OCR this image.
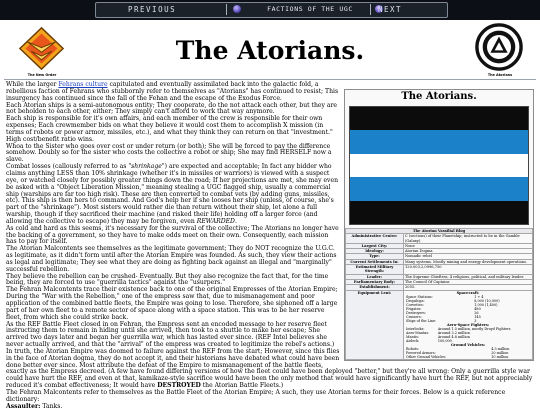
PREVIOUS	FACTIONS OF THE UGC	NEXT
The New Order
The Atorians.
The Atorians
The Atorians.
The Atorian Vassilial Blog
Administrative Center:	C (sections) of their Planetship; instructed to be in the Gamble (Galaxy).
Largest City:	None
Ideology:	Atorian Dogma
Type:	Nomadic rebel
Current Settlements In:	Many systems. Mostly mining and energy development operations.
Estimated Military Strength:	120,003,2,0996,750
Leader:	The Supreme Chieftess, 4 religious, political, and military leader.
Parliamentary Body:	The Council Of Captains
Establishment:	2055.
Equipment Lent:	Spacecraft:
Space Stations:	1 + 4
Dropships:	8,000 (10,000)
Corvettes:	1,000 (1,400)
Frigates:	480
Destroyers:	26
Cruisers:	145
Ships of the Line:	3
Aero-Space Fighters:
Interlocks:	Around 1.5 million, mostly Droyd Fighters
Aero-Mantas:	Around 3.2 million
Mantis:	Around 4.8 million
Airleck:	100,000
Ground Vehicles:
Robots:	4.5 million
Powered Armors:	20 million
Other Ground Vehicles:	10 million

While the larger Fehrans culture capitulated and eventually assimilated back into the galactic fold, a rebellious faction of Fehrans who stubbornly refer to themselves as "Atorians" has continued to resist; This insurgency has continued since the fall of the Fehan and the escape of the Exodus Force.

Each Atorian ships is a semi-autonomous entity; They cooperate, do the not attack each other, but they are not beholden to each other, either; They simply can't afford to work that way anymore.

Each ship is responsible for it's own affairs, and each member of the crew is responsible for their own expenses; Each crewmember bids on what they believe it would cost them to accomplish X mission (in terms of robots or power armor, missiles, etc.), and what they think they can return on that "investment." High cost/benefit ratio wins.

Whoa to the Sister who goes over cost or under return (or both); She will be forced to pay the difference somehow. Doubly so for the sister who costs the collective a robot or ship; She may find HERSELF now a slave.

Combat losses (callously referred to as "shrinkage") are expected and acceptable; In fact any bidder who claims anything LESS than 10% shrinkage (whether it's in missiles or warriors) is viewed with a suspect eye, or watched closely for possibly greater things down the road; If her projections are met, she may even be asked with a "Object Liberation Mission," meaning stealing a UGC flagged ship, usually a commercial ship (warships are far too high risk). These are then converted to combat vets (by adding guns, missiles, etc). This ship is then hers to command. And God's help her if she looses her ship (unless, of course, she's part of the "shrinkage"). Most sisters would rather die than return without their ship, let alone a full warship, though if they sacrificed their machine (and risked their life) holding off a larger force (and allowing the collective to escape) they may be forgiven, even REWARDED.

As cold and hard as this seems, it's necessary for the survival of the collective; The Atorians no longer have the backing of a government, so they have to make odds meet on their own. Consequently, each mission has to pay for itself.

The Atorian Malcontents see themselves as the legitimate government; They do NOT recognize the U.G.C. as legitimate, as it didn't form until after the Atorian Empire was founded. As such, they view their actions as legal and legitimate; They see what they are doing as fighting back against an illegal and "marginally" successful rebellion.

They believe the rebellion can be crushed- Eventually. But they also recognize the fact that, for the time being, they are forced to use "guerrilla tactics" against the "usurpers."

The Fehran Malcontents trace their existence back to one of the original Empresses of the Atorian Empire; During the "War with the Rebellion," one of the empress saw that, due to mismanagement and poor application of the combined battle fleets, the Empire was going to lose. Therefore, she siphoned off a large part of her own fleet to a remote sector of space along with a space station. This was to be her reserve fleet, from which she could strike back.

As the REF Battle Fleet closed in on Fehran, the Empress sent an encoded message to her reserve fleet instructing them to remain in hiding until she arrived, then took to a shuttle to make her escape; She arrived two days later and began her guerrilla war, which has lasted ever since. (REF Intel believes she never actually arrived, and that the "arrival" of the empress was created to legitimize the rebel's actions.)

In truth, the Atorian Empire was doomed to failure against the REF from the start; However, since this flies in the face of Atorian dogma, they do not accept it, and their historians have debated what could have been done better ever since. Most attribute the defeat of the Empire to mismanagement of the battle fleets, exactly as the Empress decreed. (A few have found differing versions of how the fleet could have been deployed "better," but they're all wrong: Only a guerrilla style war could have hurt the REF, and even at that, kamikaze-style sacrifice would have been the only method that would have significantly have hurt the REF, but not appreciably reduced it's combat effectiveness; It would have DESTROYED the Atorian Battle Fleets.)

The Fehran Malcontents refer to themselves as the Battle Fleet of the Atorian Empire; A such, they use Atorian terms for their forces. Below is a quick reference dictionary:

Assaulter: Tanks.
